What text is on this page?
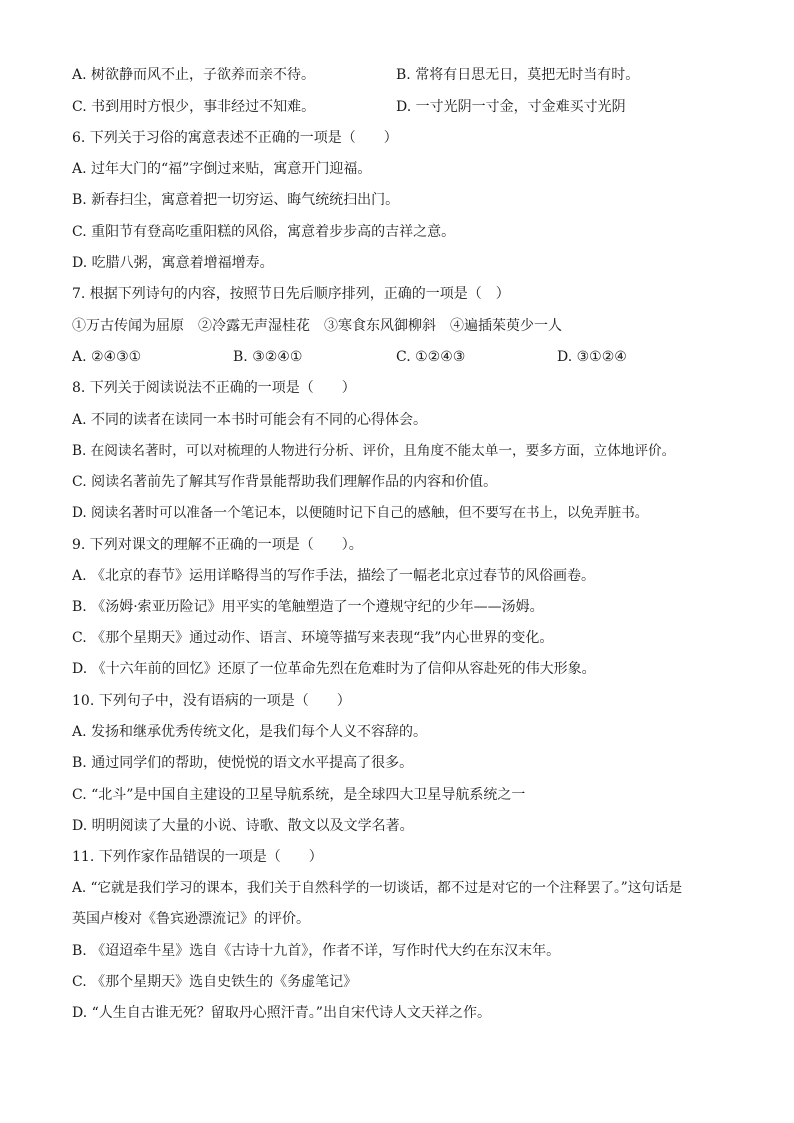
A. 树欲静而风不止，子欲养而亲不待。	B. 常将有日思无日，莫把无时当有时。
C. 书到用时方恨少，事非经过不知难。	D. 一寸光阴一寸金，寸金难买寸光阴
6. 下列关于习俗的寓意表述不正确的一项是（　　）
A. 过年大门的“福”字倒过来贴，寓意开门迎福。
B. 新春扫尘，寓意着把一切穷运、晦气统统扫出门。
C. 重阳节有登高吃重阳糕的风俗，寓意着步步高的吉祥之意。
D. 吃腊八粥，寓意着增福增寿。
7. 根据下列诗句的内容，按照节日先后顺序排列，正确的一项是（　）
①万古传闻为屈原　②冷露无声湿桂花　③寒食东风御柳斜　④遍插茱萸少一人
A. ②④③①	B. ③②④①	C. ①②④③	D. ③①②④
8. 下列关于阅读说法不正确的一项是（　　）
A. 不同的读者在读同一本书时可能会有不同的心得体会。
B. 在阅读名著时，可以对梳理的人物进行分析、评价，且角度不能太单一，要多方面，立体地评价。
C. 阅读名著前先了解其写作背景能帮助我们理解作品的内容和价值。
D. 阅读名著时可以准备一个笔记本，以便随时记下自己的感触，但不要写在书上，以免弄脏书。
9. 下列对课文的理解不正确的一项是（　　）。
A. 《北京的春节》运用详略得当的写作手法，描绘了一幅老北京过春节的风俗画卷。
B. 《汤姆·索亚历险记》用平实的笔触塑造了一个遵规守纪的少年——汤姆。
C. 《那个星期天》通过动作、语言、环境等描写来表现“我”内心世界的变化。
D. 《十六年前的回忆》还原了一位革命先烈在危难时为了信仰从容赴死的伟大形象。
10. 下列句子中，没有语病的一项是（　　）
A. 发扬和继承优秀传统文化，是我们每个人义不容辞的。
B. 通过同学们的帮助，使悦悦的语文水平提高了很多。
C. “北斗”是中国自主建设的卫星导航系统，是全球四大卫星导航系统之一
D. 明明阅读了大量的小说、诗歌、散文以及文学名著。
11. 下列作家作品错误的一项是（　　）
A. “它就是我们学习的课本，我们关于自然科学的一切谈话，都不过是对它的一个注释罢了。”这句话是
英国卢梭对《鲁宾逊漂流记》的评价。
B. 《迢迢牵牛星》选自《古诗十九首》，作者不详，写作时代大约在东汉末年。
C. 《那个星期天》选自史铁生的《务虚笔记》
D. “人生自古谁无死？留取丹心照汗青。”出自宋代诗人文天祥之作。
